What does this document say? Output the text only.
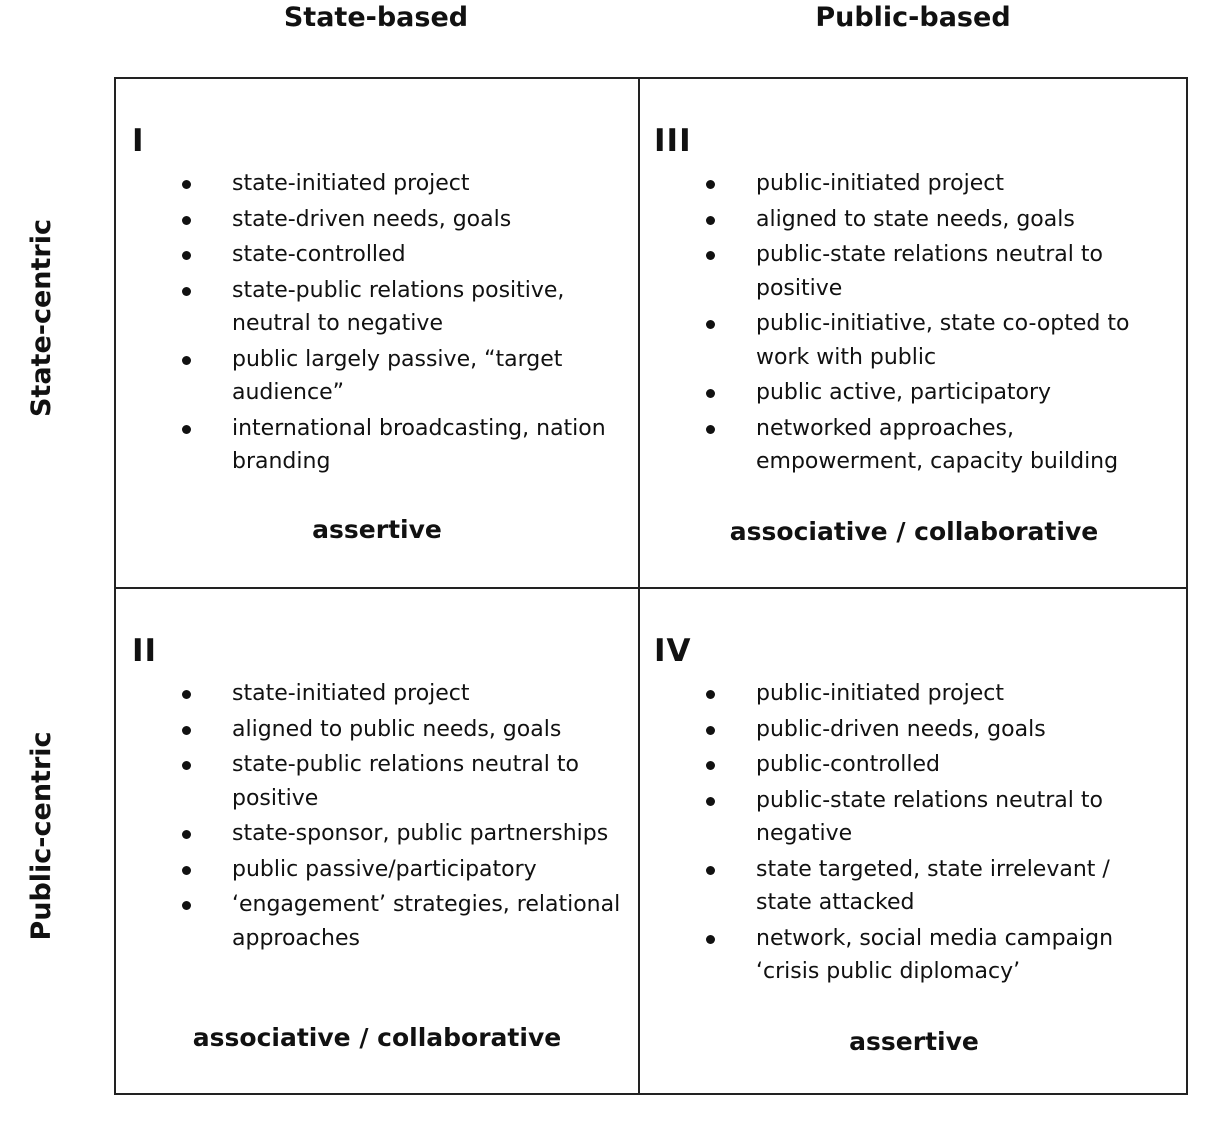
State-based	Public-based
State-centric
Public-centric
I
state-initiated project
state-driven needs, goals
state-controlled
state-public relations positive, neutral to negative
public largely passive, “target audience”
international broadcasting, nation branding
assertive
III
public-initiated project
aligned to state needs, goals
public-state relations neutral to positive
public-initiative, state co-opted to work with public
public active, participatory
networked approaches, empowerment, capacity building
associative / collaborative
II
state-initiated project
aligned to public needs, goals
state-public relations neutral to positive
state-sponsor, public partnerships
public passive/participatory
‘engagement’ strategies, relational approaches
associative / collaborative
IV
public-initiated project
public-driven needs, goals
public-controlled
public-state relations neutral to negative
state targeted, state irrelevant / state attacked
network, social media campaign ‘crisis public diplomacy’
assertive
